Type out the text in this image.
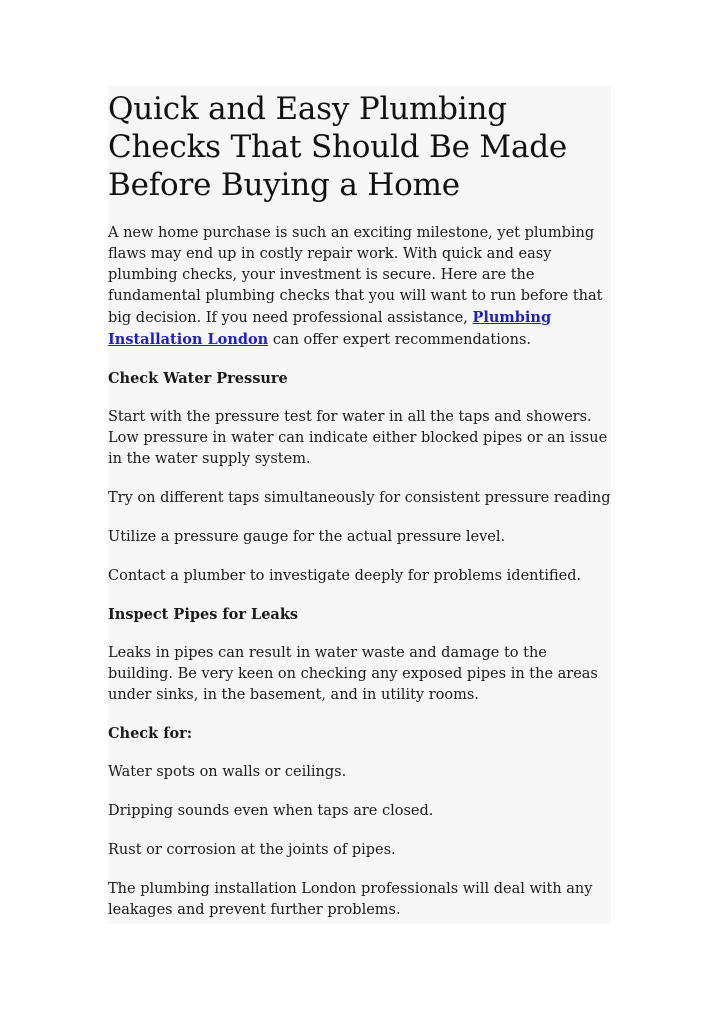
Quick and Easy Plumbing Checks That Should Be Made Before Buying a Home

A new home purchase is such an exciting milestone, yet plumbing flaws may end up in costly repair work. With quick and easy plumbing checks, your investment is secure. Here are the fundamental plumbing checks that you will want to run before that big decision. If you need professional assistance, Plumbing Installation London can offer expert recommendations.

Check Water Pressure

Start with the pressure test for water in all the taps and showers. Low pressure in water can indicate either blocked pipes or an issue in the water supply system.

Try on different taps simultaneously for consistent pressure reading

Utilize a pressure gauge for the actual pressure level.

Contact a plumber to investigate deeply for problems identified.

Inspect Pipes for Leaks

Leaks in pipes can result in water waste and damage to the building. Be very keen on checking any exposed pipes in the areas under sinks, in the basement, and in utility rooms.

Check for:

Water spots on walls or ceilings.

Dripping sounds even when taps are closed.

Rust or corrosion at the joints of pipes.

The plumbing installation London professionals will deal with any leakages and prevent further problems.
